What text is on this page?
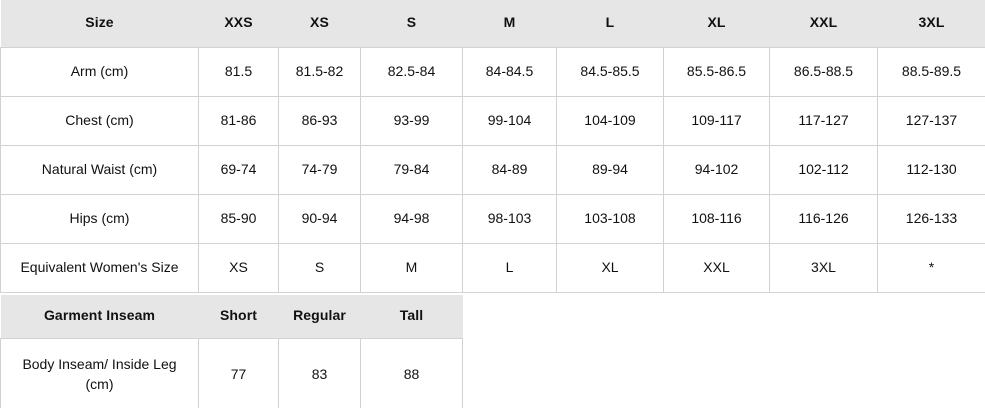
Size	XXS	XS	S	M	L	XL	XXL	3XL
Arm (cm)	81.5	81.5-82	82.5-84	84-84.5	84.5-85.5	85.5-86.5	86.5-88.5	88.5-89.5
Chest (cm)	81-86	86-93	93-99	99-104	104-109	109-117	117-127	127-137
Natural Waist (cm)	69-74	74-79	79-84	84-89	89-94	94-102	102-112	112-130
Hips (cm)	85-90	90-94	94-98	98-103	103-108	108-116	116-126	126-133
Equivalent Women's Size	XS	S	M	L	XL	XXL	3XL	*
Garment Inseam	Short	Regular	Tall
Body Inseam/ Inside Leg (cm)	77	83	88
